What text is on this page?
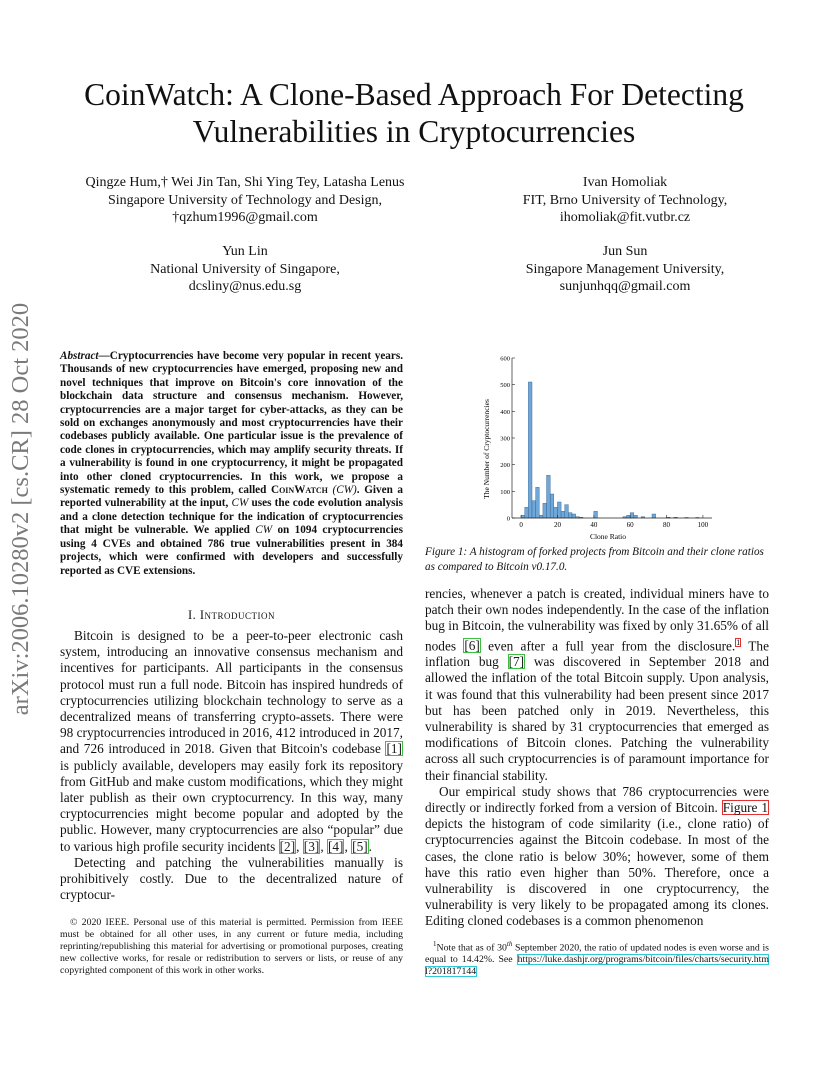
arXiv:2006.10280v2 [cs.CR] 28 Oct 2020
CoinWatch: A Clone-Based Approach For Detecting
Vulnerabilities in Cryptocurrencies
Qingze Hum,† Wei Jin Tan, Shi Ying Tey, Latasha Lenus
Singapore University of Technology and Design,
†qzhum1996@gmail.com
Ivan Homoliak
FIT, Brno University of Technology,
ihomoliak@fit.vutbr.cz
Yun Lin
National University of Singapore,
dcsliny@nus.edu.sg
Jun Sun
Singapore Management University,
sunjunhqq@gmail.com
Abstract—Cryptocurrencies have become very popular in recent years. Thousands of new cryptocurrencies have emerged, proposing new and novel techniques that improve on Bitcoin's core innovation of the blockchain data structure and consensus mechanism. However, cryptocurrencies are a major target for cyber-attacks, as they can be sold on exchanges anonymously and most cryptocurrencies have their codebases publicly available. One particular issue is the prevalence of code clones in cryptocurrencies, which may amplify security threats. If a vulnerability is found in one cryptocurrency, it might be propagated into other cloned cryptocurrencies. In this work, we propose a systematic remedy to this problem, called CoinWatch (CW). Given a reported vulnerability at the input, CW uses the code evolution analysis and a clone detection technique for the indication of cryptocurrencies that might be vulnerable. We applied CW on 1094 cryptocurrencies using 4 CVEs and obtained 786 true vulnerabilities present in 384 projects, which were confirmed with developers and successfully reported as CVE extensions.
I. Introduction

Bitcoin is designed to be a peer-to-peer electronic cash system, introducing an innovative consensus mechanism and incentives for participants. All participants in the consensus protocol must run a full node. Bitcoin has inspired hundreds of cryptocurrencies utilizing blockchain technology to serve as a decentralized means of transferring crypto-assets. There were 98 cryptocurrencies introduced in 2016, 412 introduced in 2017, and 726 introduced in 2018. Given that Bitcoin's codebase [1] is publicly available, developers may easily fork its repository from GitHub and make custom modifications, which they might later publish as their own cryptocurrency. In this way, many cryptocurrencies might become popular and adopted by the public. However, many cryptocurrencies are also “popular” due to various high profile security incidents [2], [3], [4], [5].

Detecting and patching the vulnerabilities manually is prohibitively costly. Due to the decentralized nature of cryptocur-

© 2020 IEEE. Personal use of this material is permitted. Permission from IEEE must be obtained for all other uses, in any current or future media, including reprinting/republishing this material for advertising or promotional purposes, creating new collective works, for resale or redistribution to servers or lists, or reuse of any copyrighted component of this work in other works.
0	20	40	60	80	100
0
100
200
300
400
500
600
Clone Ratio
The Number of Cryptocurrencies
Figure 1: A histogram of forked projects from Bitcoin and their clone ratios as compared to Bitcoin v0.17.0.

rencies, whenever a patch is created, individual miners have to patch their own nodes independently. In the case of the inflation bug in Bitcoin, the vulnerability was fixed by only 31.65% of all nodes [6] even after a full year from the disclosure.$^1$ The inflation bug [7] was discovered in September 2018 and allowed the inflation of the total Bitcoin supply. Upon analysis, it was found that this vulnerability had been present since 2017 but has been patched only in 2019. Nevertheless, this vulnerability is shared by 31 cryptocurrencies that emerged as modifications of Bitcoin clones. Patching the vulnerability across all such cryptocurrencies is of paramount importance for their financial stability.

Our empirical study shows that 786 cryptocurrencies were directly or indirectly forked from a version of Bitcoin. Figure 1 depicts the histogram of code similarity (i.e., clone ratio) of cryptocurrencies against the Bitcoin codebase. In most of the cases, the clone ratio is below 30%; however, some of them have this ratio even higher than 50%. Therefore, once a vulnerability is discovered in one cryptocurrency, the vulnerability is very likely to be propagated among its clones. Editing cloned codebases is a common phenomenon

$^1$Note that as of 30th September 2020, the ratio of updated nodes is even worse and is equal to 14.42%. See https://luke.dashjr.org/programs/bitcoin/files/charts/security.html?201817144
